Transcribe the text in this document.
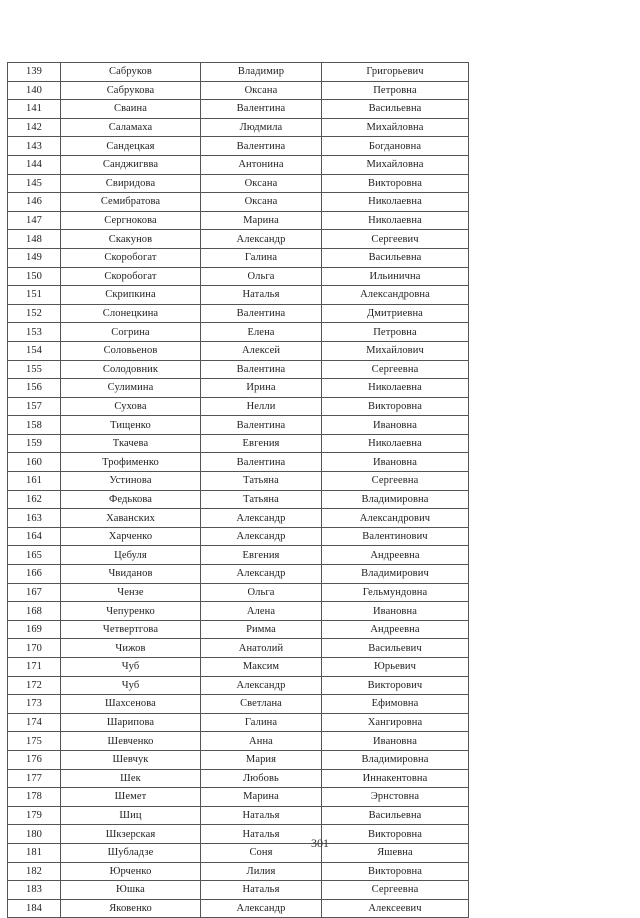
139	Сабруков	Владимир	Григорьевич
140	Сабрукова	Оксана	Петровна
141	Сваина	Валентина	Васильевна
142	Саламаха	Людмила	Михайловна
143	Сандецкая	Валентина	Богдановна
144	Санджигвва	Антонина	Михайловна
145	Свиридова	Оксана	Викторовна
146	Семибратова	Оксана	Николаевна
147	Сергнокова	Марина	Николаевна
148	Скакунов	Александр	Сергеевич
149	Скоробогат	Галина	Васильевна
150	Скоробогат	Ольга	Ильинична
151	Скрипкина	Наталья	Александровна
152	Слонецкина	Валентина	Дмитриевна
153	Согрина	Елена	Петровна
154	Соловьенов	Алексей	Михайлович
155	Солодовник	Валентина	Сергеевна
156	Сулимина	Ирина	Николаевна
157	Сухова	Нелли	Викторовна
158	Тищенко	Валентина	Ивановна
159	Ткачева	Евгения	Николаевна
160	Трофименко	Валентина	Ивановна
161	Устинова	Татьяна	Сергеевна
162	Федькова	Татьяна	Владимировна
163	Хаванских	Александр	Александрович
164	Харченко	Александр	Валентинович
165	Цебуля	Евгения	Андреевна
166	Чвиданов	Александр	Владимирович
167	Чензе	Ольга	Гельмундовна
168	Чепуренко	Алена	Ивановна
169	Четвертгова	Римма	Андреевна
170	Чижов	Анатолий	Васильевич
171	Чуб	Максим	Юрьевич
172	Чуб	Александр	Викторович
173	Шахсенова	Светлана	Ефимовна
174	Шарипова	Галина	Хангировна
175	Шевченко	Анна	Ивановна
176	Шевчук	Мария	Владимировна
177	Шек	Любовь	Иннакентовна
178	Шемет	Марина	Эрнстовна
179	Шиц	Наталья	Васильевна
180	Шкзерская	Наталья	Викторовна
181	Шубладзе	Соня	Яшевна
182	Юрченко	Лилия	Викторовна
183	Юшка	Наталья	Сергеевна
184	Яковенко	Александр	Алексеевич
301
